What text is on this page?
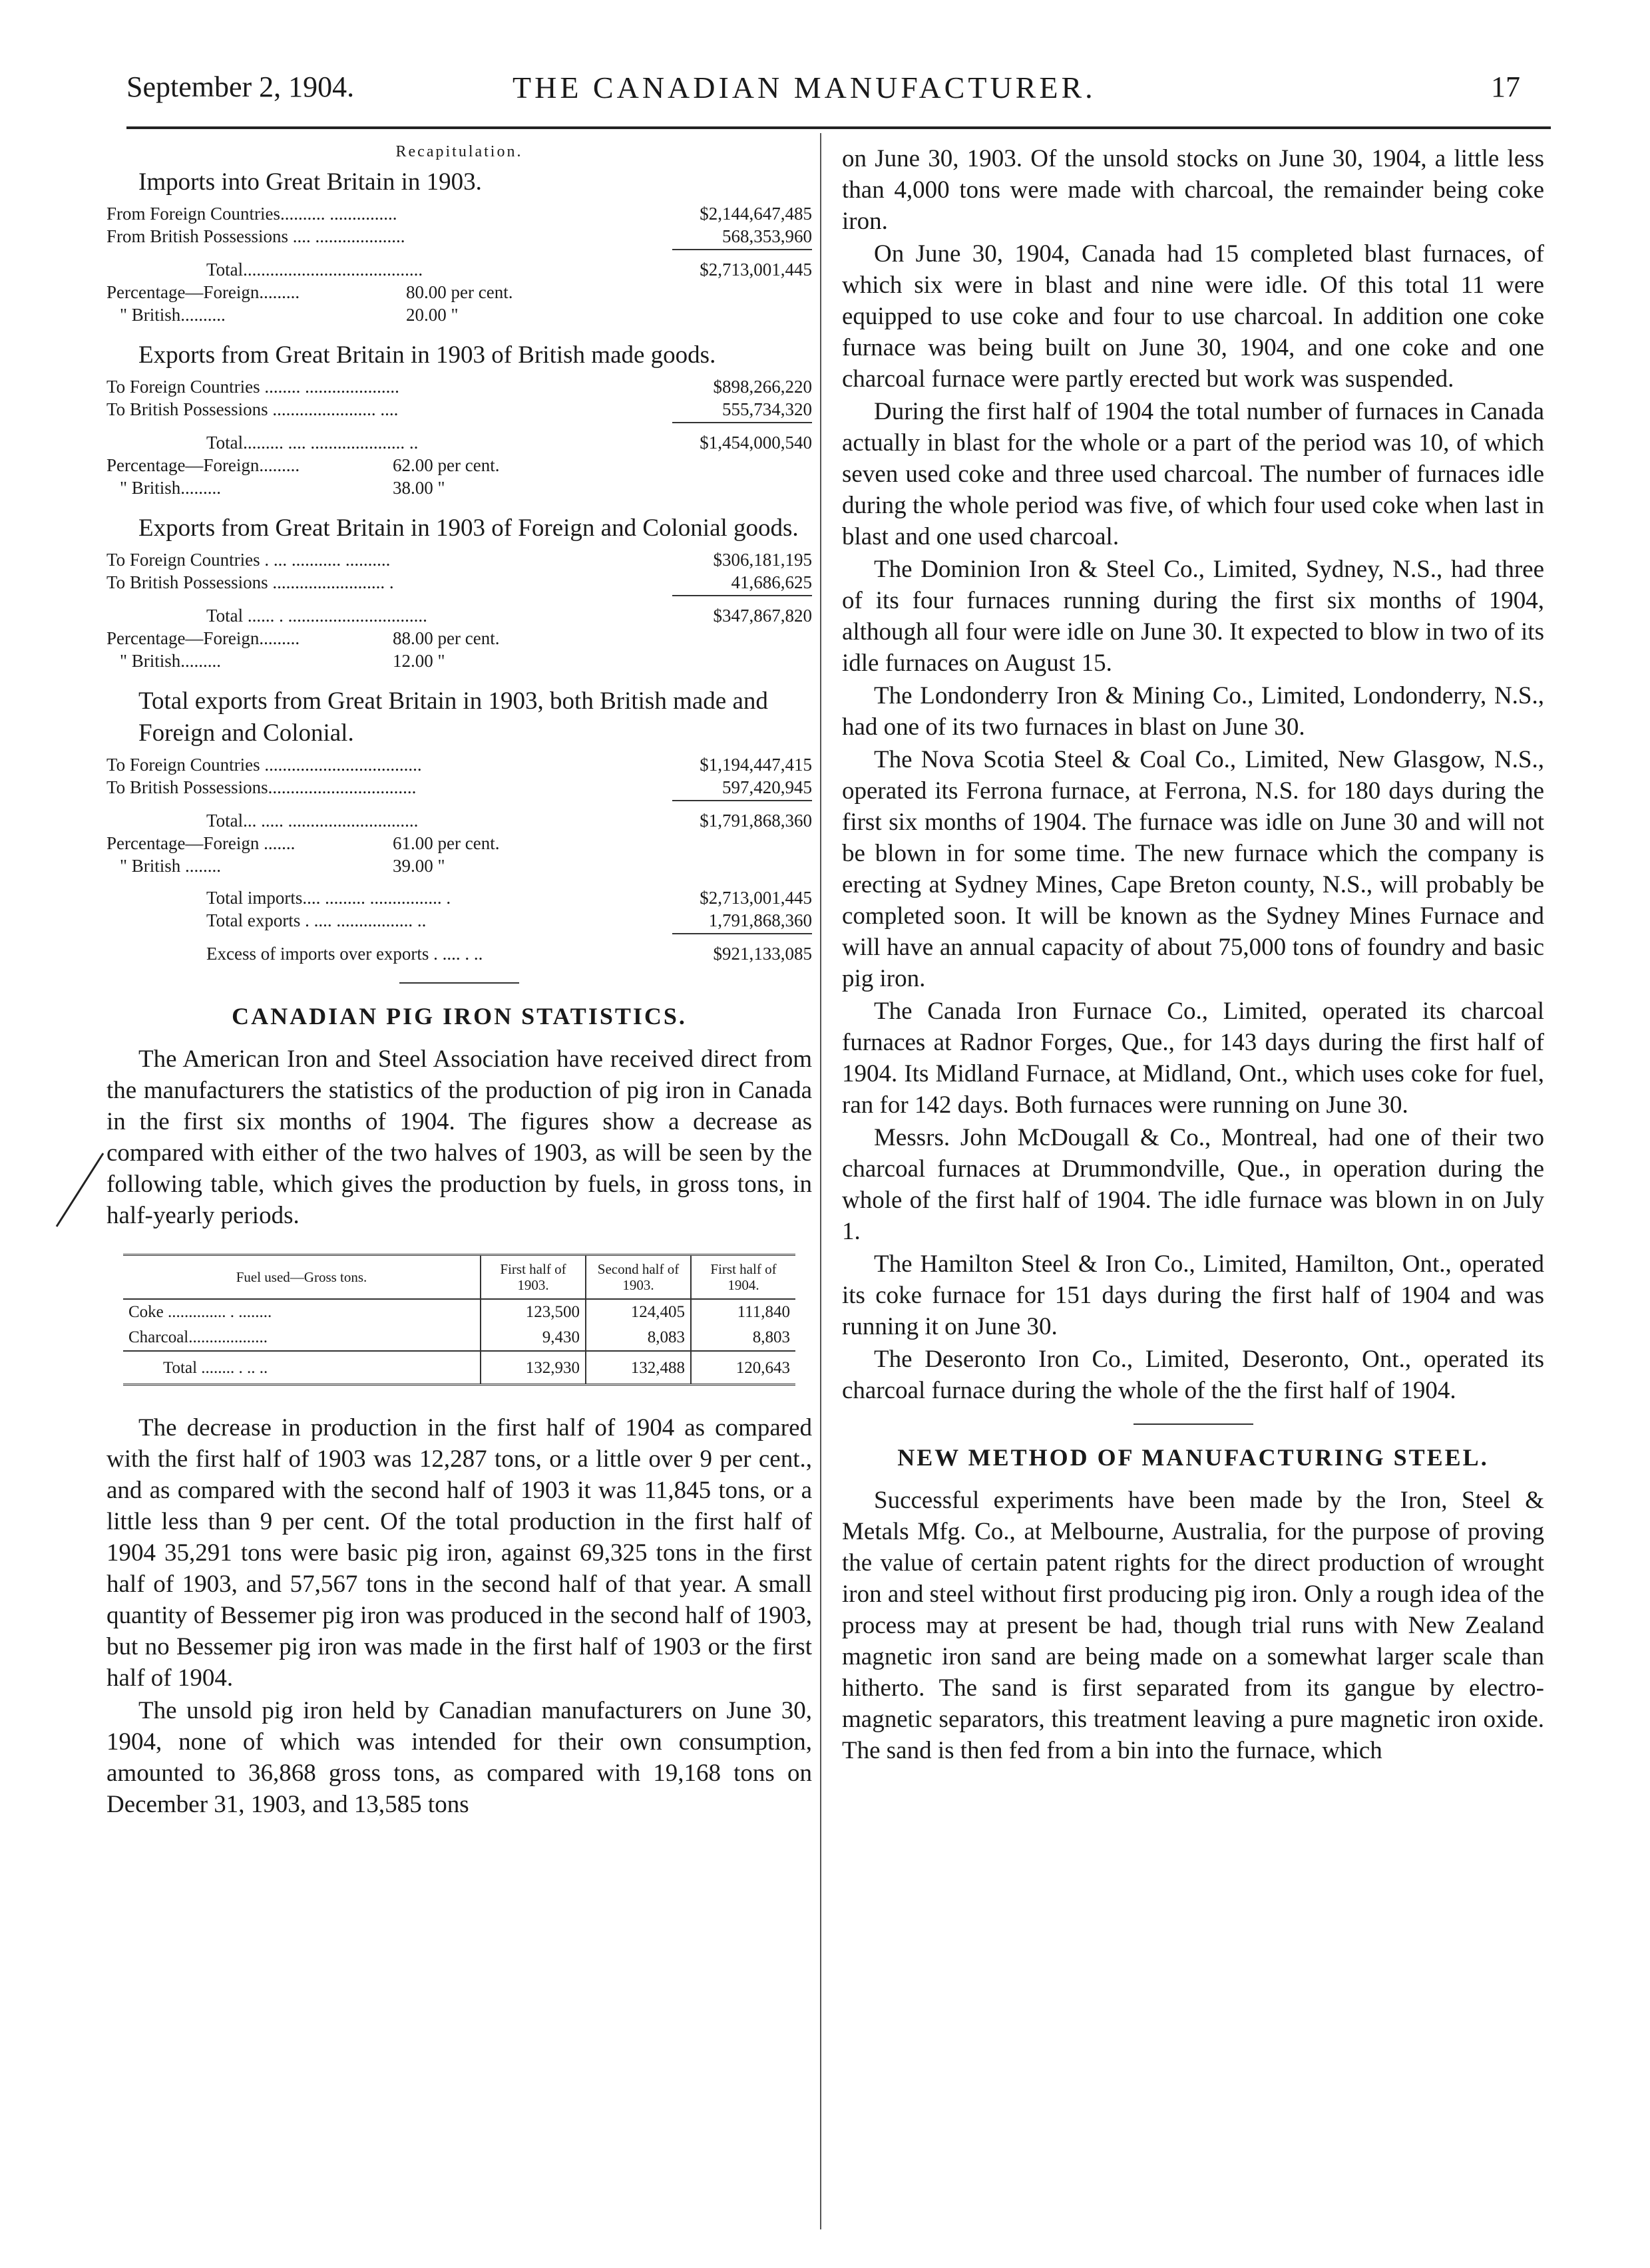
September 2, 1904.	THE CANADIAN MANUFACTURER.	17
Recapitulation.

Imports into Great Britain in 1903.

From Foreign Countries.......... ...............	$2,144,647,485
From British Possessions .... ....................	568,353,960
Total........................................	$2,713,001,445
Percentage—Foreign.........	80.00 per cent.
" British..........	20.00 "

Exports from Great Britain in 1903 of British made goods.

To Foreign Countries ........ .....................	$898,266,220
To British Possessions ....................... ....	555,734,320
Total......... .... ..................... ..	$1,454,000,540
Percentage—Foreign.........	62.00 per cent.
" British.........	38.00 "

Exports from Great Britain in 1903 of Foreign and Colonial goods.

To Foreign Countries . ... ........... ..........	$306,181,195
To British Possessions ......................... .	41,686,625
Total ...... . ...............................	$347,867,820
Percentage—Foreign.........	88.00 per cent.
" British.........	12.00 "

Total exports from Great Britain in 1903, both British made and Foreign and Colonial.

To Foreign Countries ...................................	$1,194,447,415
To British Possessions.................................	597,420,945
Total... ..... .............................	$1,791,868,360
Percentage—Foreign .......	61.00 per cent.
" British ........	39.00 "
Total imports.... ......... ................ .	$2,713,001,445
Total exports . .... ................. ..	1,791,868,360
Excess of imports over exports . .... . ..	$921,133,085
CANADIAN PIG IRON STATISTICS.

The American Iron and Steel Association have received direct from the manufacturers the statistics of the production of pig iron in Canada in the first six months of 1904. The figures show a decrease as compared with either of the two halves of 1903, as will be seen by the following table, which gives the production by fuels, in gross tons, in half-yearly periods.

Fuel used—Gross tons.	First half of 1903.	Second half of 1903.	First half of 1904.
Coke .............. . ........	123,500	124,405	111,840
Charcoal...................	9,430	8,083	8,803
Total ........ . .. ..	132,930	132,488	120,643

The decrease in production in the first half of 1904 as compared with the first half of 1903 was 12,287 tons, or a little over 9 per cent., and as compared with the second half of 1903 it was 11,845 tons, or a little less than 9 per cent. Of the total production in the first half of 1904 35,291 tons were basic pig iron, against 69,325 tons in the first half of 1903, and 57,567 tons in the second half of that year. A small quantity of Bessemer pig iron was produced in the second half of 1903, but no Bessemer pig iron was made in the first half of 1903 or the first half of 1904.

The unsold pig iron held by Canadian manufacturers on June 30, 1904, none of which was intended for their own consumption, amounted to 36,868 gross tons, as compared with 19,168 tons on December 31, 1903, and 13,585 tons

on June 30, 1903. Of the unsold stocks on June 30, 1904, a little less than 4,000 tons were made with charcoal, the remainder being coke iron.

On June 30, 1904, Canada had 15 completed blast furnaces, of which six were in blast and nine were idle. Of this total 11 were equipped to use coke and four to use charcoal. In addition one coke furnace was being built on June 30, 1904, and one coke and one charcoal furnace were partly erected but work was suspended.

During the first half of 1904 the total number of furnaces in Canada actually in blast for the whole or a part of the period was 10, of which seven used coke and three used charcoal. The number of furnaces idle during the whole period was five, of which four used coke when last in blast and one used charcoal.

The Dominion Iron & Steel Co., Limited, Sydney, N.S., had three of its four furnaces running during the first six months of 1904, although all four were idle on June 30. It expected to blow in two of its idle furnaces on August 15.

The Londonderry Iron & Mining Co., Limited, Londonderry, N.S., had one of its two furnaces in blast on June 30.

The Nova Scotia Steel & Coal Co., Limited, New Glasgow, N.S., operated its Ferrona furnace, at Ferrona, N.S. for 180 days during the first six months of 1904. The furnace was idle on June 30 and will not be blown in for some time. The new furnace which the company is erecting at Sydney Mines, Cape Breton county, N.S., will probably be completed soon. It will be known as the Sydney Mines Furnace and will have an annual capacity of about 75,000 tons of foundry and basic pig iron.

The Canada Iron Furnace Co., Limited, operated its charcoal furnaces at Radnor Forges, Que., for 143 days during the first half of 1904. Its Midland Furnace, at Midland, Ont., which uses coke for fuel, ran for 142 days. Both furnaces were running on June 30.

Messrs. John McDougall & Co., Montreal, had one of their two charcoal furnaces at Drummondville, Que., in operation during the whole of the first half of 1904. The idle furnace was blown in on July 1.

The Hamilton Steel & Iron Co., Limited, Hamilton, Ont., operated its coke furnace for 151 days during the first half of 1904 and was running it on June 30.

The Deseronto Iron Co., Limited, Deseronto, Ont., operated its charcoal furnace during the whole of the the first half of 1904.

NEW METHOD OF MANUFACTURING STEEL.

Successful experiments have been made by the Iron, Steel & Metals Mfg. Co., at Melbourne, Australia, for the purpose of proving the value of certain patent rights for the direct production of wrought iron and steel without first producing pig iron. Only a rough idea of the process may at present be had, though trial runs with New Zealand magnetic iron sand are being made on a somewhat larger scale than hitherto. The sand is first separated from its gangue by electro-magnetic separators, this treatment leaving a pure magnetic iron oxide. The sand is then fed from a bin into the furnace, which
